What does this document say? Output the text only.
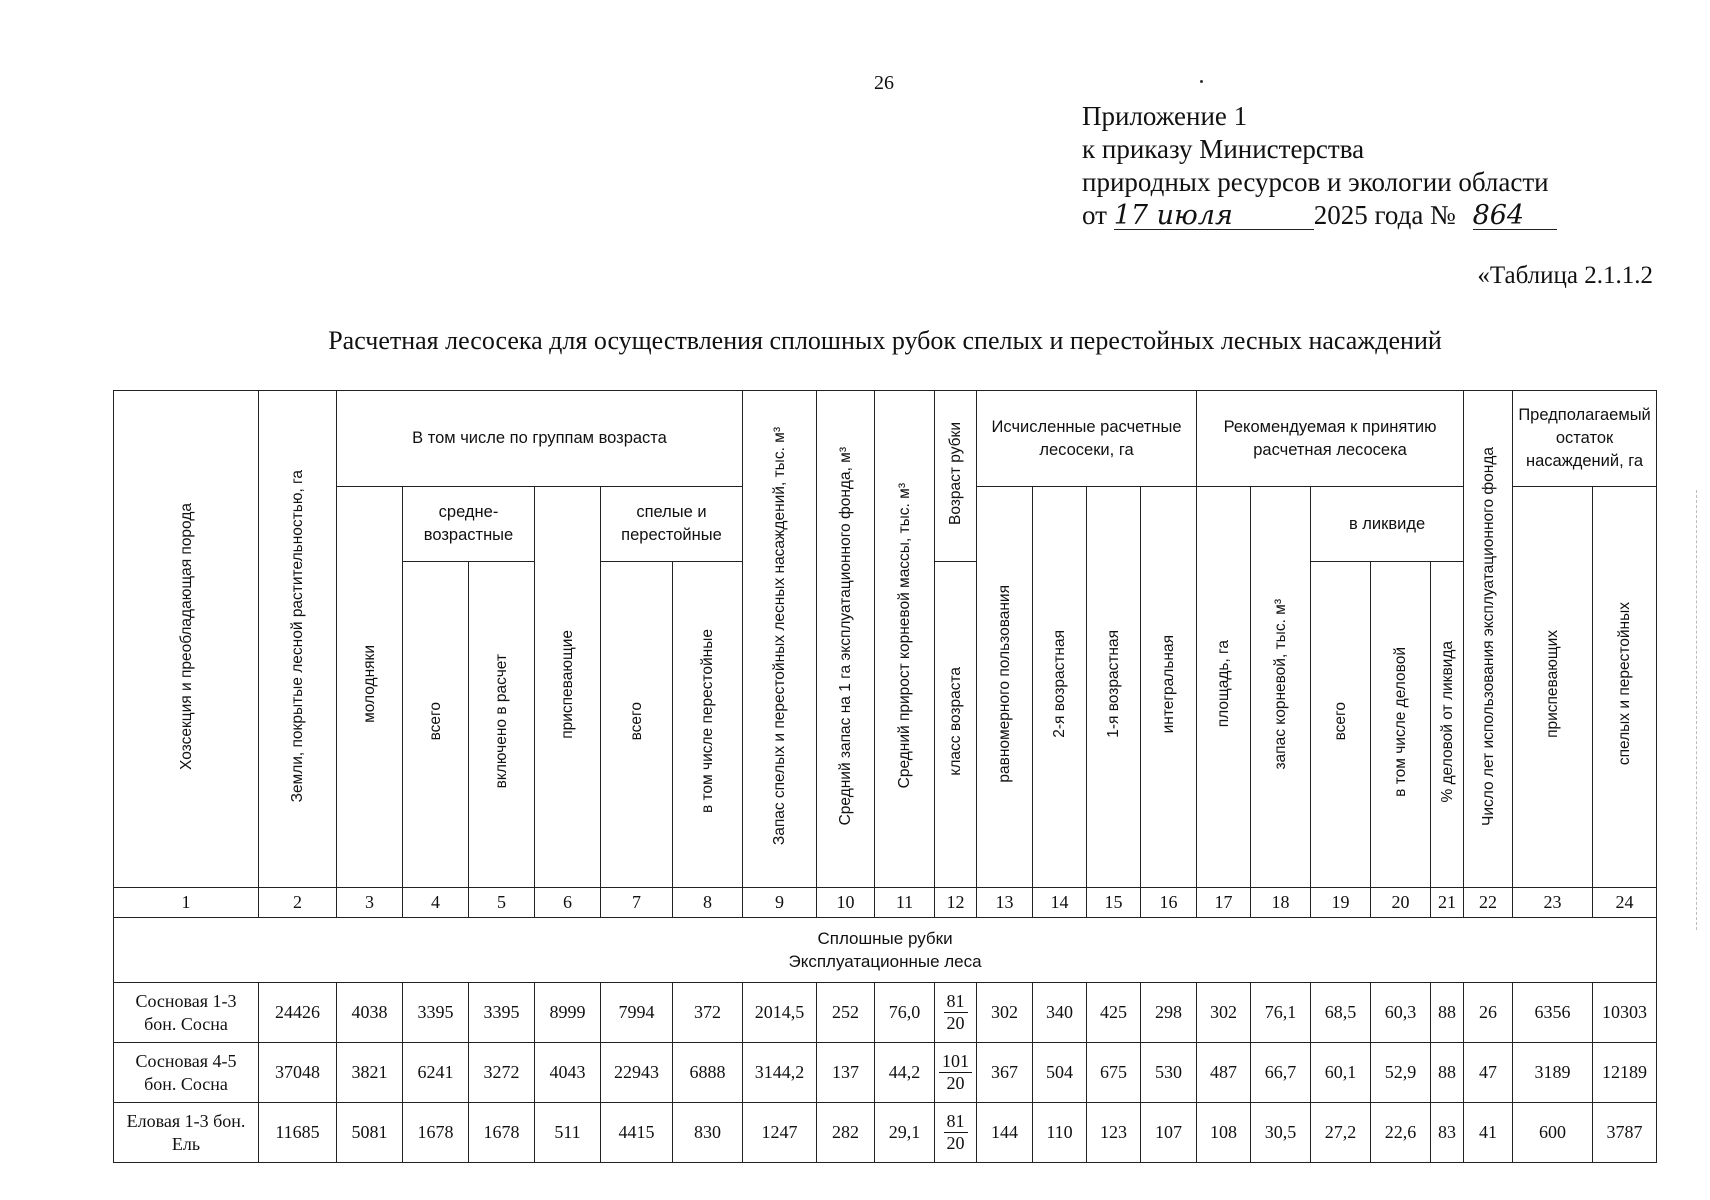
26
Приложение 1
к приказу Министерства
природных ресурсов и экологии области
от 17 июля	2025 года № 864
«Таблица 2.1.1.2
Расчетная лесосека для осуществления сплошных рубок спелых и перестойных лесных насаждений
Хозсекция и преобладающая порода	Земли, покрытые лесной растительностью, га	В том числе по группам возраста						Запас спелых и перестойных лесных насаждений, тыс. м³	Средний запас на 1 га эксплуатационного фонда, м³	Средний прирост корневой массы, тыс. м³	Возраст рубки	Исчисленные расчетные лесосеки, га				Рекомендуемая к принятию расчетная лесосека					Число лет использования эксплуатационного фонда	Предполагаемый остаток насаждений, га	
		молодняки	средне-возрастные		приспевающие	спелые и перестойные						равномерного пользования	2-я возрастная	1-я возрастная	интегральная	площадь, га	запас корневой, тыс. м³	в ликвиде				приспевающих	спелых и перестойных
			всего	включено в расчет		всего	в том числе перестойные				класс возраста							всего	в том числе деловой	% деловой от ликвида			
1	2	3	4	5	6	7	8	9	10	11	12	13	14	15	16	17	18	19	20	21	22	23	24

Сплошные рубки
Эксплуатационные леса																							

Сосновая 1-3 бон. Сосна	24426	4038	3395	3395	8999	7994	372	2014,5	252	76,0	$\frac{81}{20}$	302	340	425	298	302	76,1	68,5	60,3	88	26	6356	10303
Сосновая 4-5 бон. Сосна	37048	3821	6241	3272	4043	22943	6888	3144,2	137	44,2	$\frac{101}{20}$	367	504	675	530	487	66,7	60,1	52,9	88	47	3189	12189
Еловая 1-3 бон. Ель	11685	5081	1678	1678	511	4415	830	1247	282	29,1	$\frac{81}{20}$	144	110	123	107	108	30,5	27,2	22,6	83	41	600	3787
